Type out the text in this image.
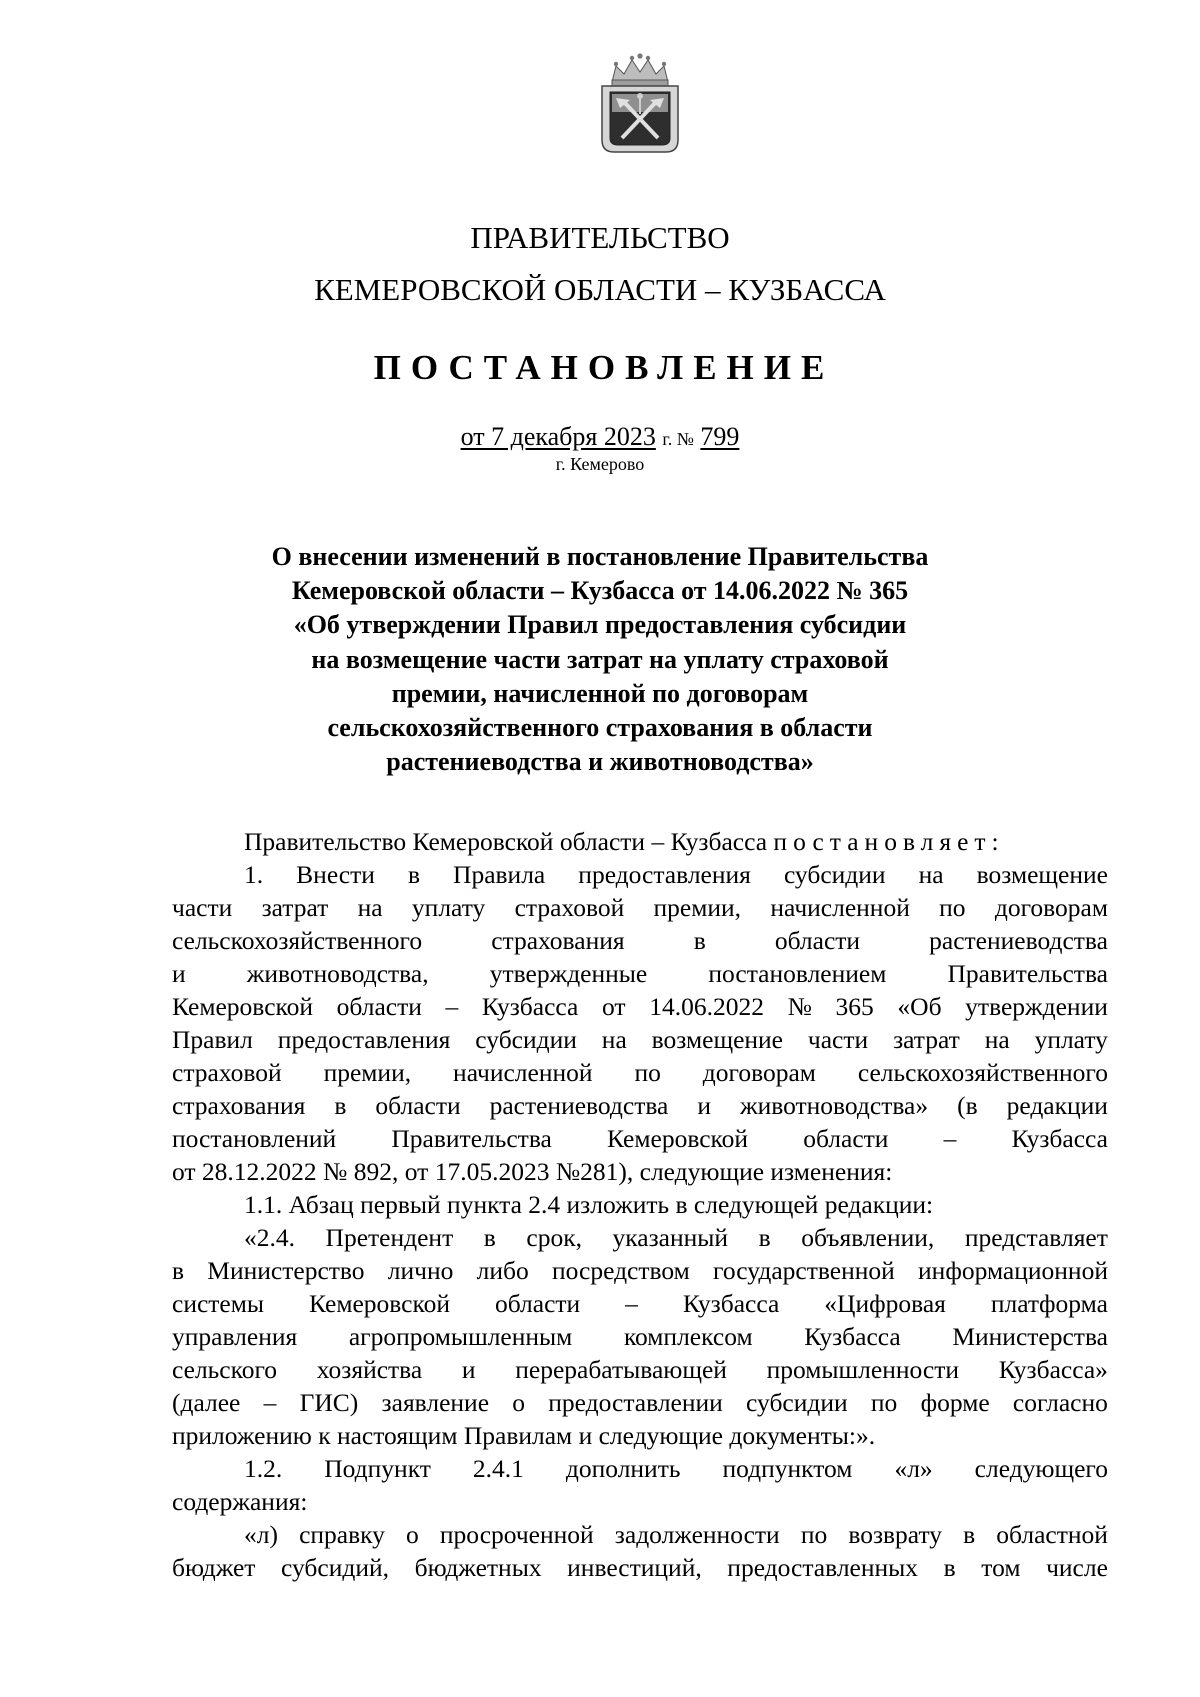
ПРАВИТЕЛЬСТВО
КЕМЕРОВСКОЙ ОБЛАСТИ – КУЗБАССА
ПОСТАНОВЛЕНИЕ
от 7 декабря 2023 г. № 799
г. Кемерово
О внесении изменений в постановление Правительства
Кемеровской области – Кузбасса от 14.06.2022 № 365
«Об утверждении Правил предоставления субсидии
на возмещение части затрат на уплату страховой
премии, начисленной по договорам
сельскохозяйственного страхования в области
растениеводства и животноводства»
Правительство Кемеровской области – Кузбасса
постановляет:
1. Внести в Правила предоставления субсидии на возмещение
части затрат на уплату страховой премии, начисленной по договорам
сельскохозяйственного	страхования	в	области	растениеводства
и животноводства, утвержденные постановлением Правительства
Кемеровской области – Кузбасса от 14.06.2022 № 365 «Об утверждении
Правил предоставления субсидии на возмещение части затрат на уплату
страховой премии, начисленной по договорам сельскохозяйственного
страхования в области растениеводства и животноводства» (в редакции
постановлений Правительства Кемеровской области – Кузбасса
от 28.12.2022 № 892, от 17.05.2023 №281), следующие изменения:
1.1. Абзац первый пункта 2.4 изложить в следующей редакции:
«2.4. Претендент в срок, указанный в объявлении, представляет
в Министерство лично либо посредством государственной информационной
системы Кемеровской области – Кузбасса «Цифровая платформа
управления агропромышленным комплексом Кузбасса Министерства
сельского хозяйства и перерабатывающей промышленности Кузбасса»
(далее – ГИС) заявление о предоставлении субсидии по форме согласно
приложению к настоящим Правилам и следующие документы:».
1.2. Подпункт 2.4.1 дополнить подпунктом «л» следующего
содержания:
«л) справку о просроченной задолженности по возврату в областной
бюджет субсидий, бюджетных инвестиций, предоставленных в том числе
